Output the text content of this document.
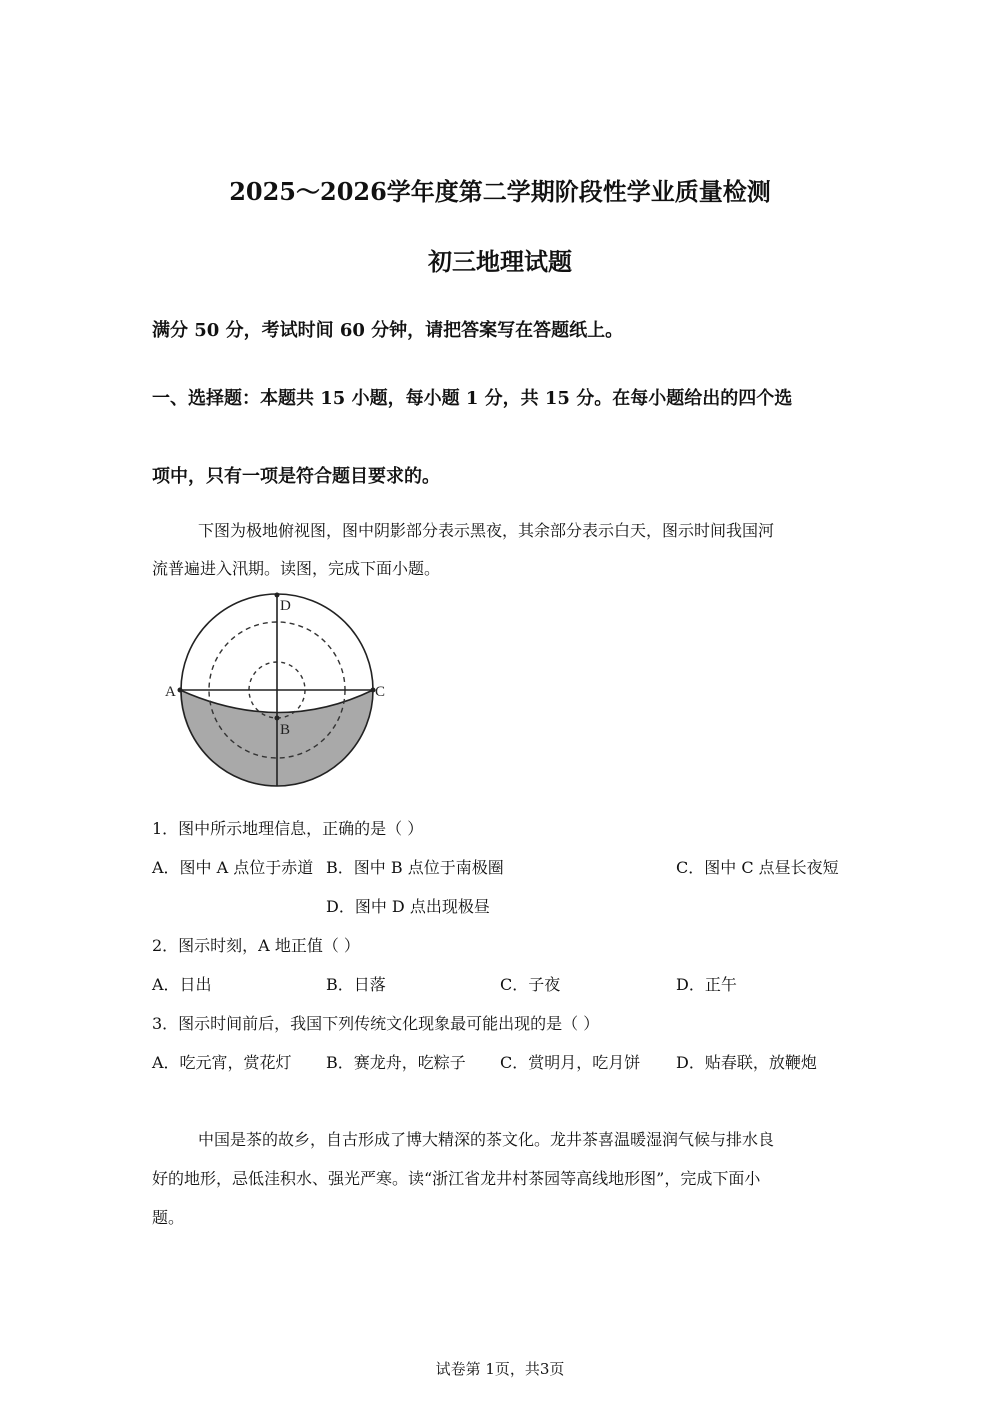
2025～2026学年度第二学期阶段性学业质量检测
初三地理试题
满分 50 分，考试时间 60 分钟，请把答案写在答题纸上。
一、选择题：本题共 15 小题，每小题 1 分，共 15 分。在每小题给出的四个选
项中，只有一项是符合题目要求的。
下图为极地俯视图，图中阴影部分表示黑夜，其余部分表示白天，图示时间我国河
流普遍进入汛期。读图，完成下面小题。
A	C
D
B
1．图中所示地理信息，正确的是（ ）
A．图中 A 点位于赤道 B．图中 B 点位于南极圈	C．图中 C 点昼长夜短
D．图中 D 点出现极昼
2．图示时刻，A 地正值（ ）
A．日出	B．日落	C．子夜	D．正午
3．图示时间前后，我国下列传统文化现象最可能出现的是（ ）
A．吃元宵，赏花灯 B．赛龙舟，吃粽子 C．赏明月，吃月饼 D．贴春联，放鞭炮
中国是茶的故乡，自古形成了博大精深的茶文化。龙井茶喜温暖湿润气候与排水良
好的地形，忌低洼积水、强光严寒。读“浙江省龙井村茶园等高线地形图”，完成下面小
题。
试卷第 1页，共3页
